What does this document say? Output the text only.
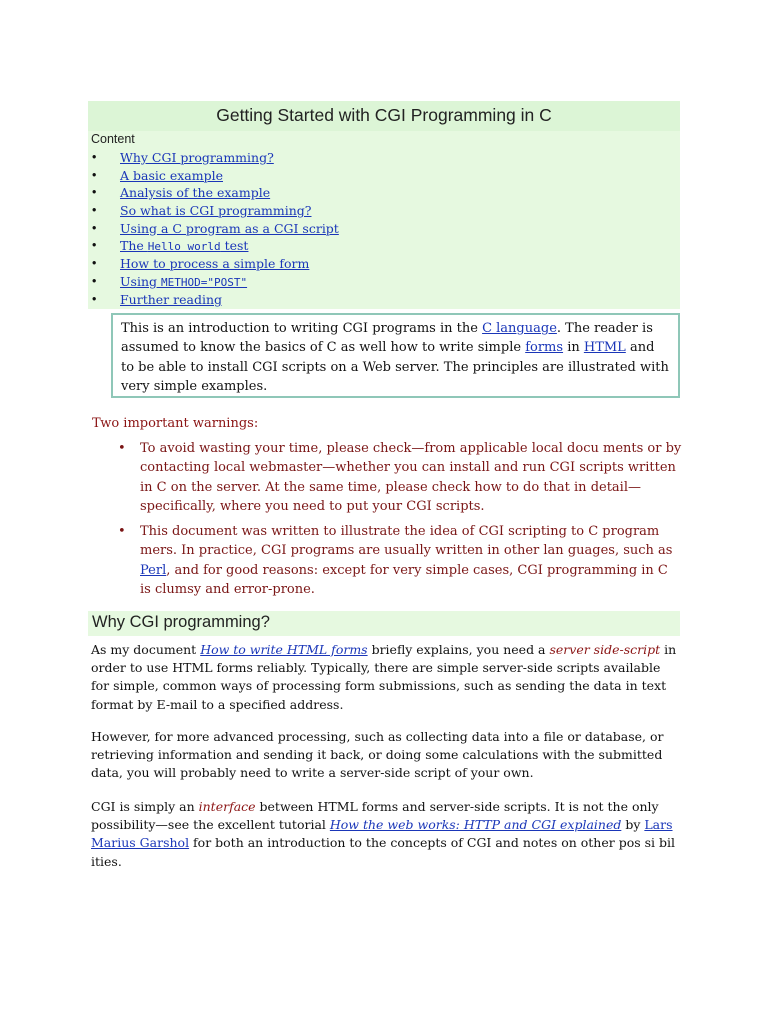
Getting Started with CGI Programming in C
Content
• Why CGI programming?
• A basic example
• Analysis of the example
• So what is CGI programming?
• Using a C program as a CGI script
• The Hello world test
• How to process a simple form
• Using METHOD="POST"
• Further reading
This is an introduction to writing CGI programs in the C language. The reader is assumed to know the basics of C as well how to write simple forms in HTML and to be able to install CGI scripts on a Web server. The principles are illustrated with very simple examples.
Two important warnings:
• To avoid wasting your time, please check—from applicable local docu ments or by contacting local webmaster—whether you can install and run CGI scripts written in C on the server. At the same time, please check how to do that in detail—specifically, where you need to put your CGI scripts.
• This document was written to illustrate the idea of CGI scripting to C program mers. In practice, CGI programs are usually written in other lan guages, such as Perl, and for good reasons: except for very simple cases, CGI programming in C is clumsy and error-prone.
Why CGI programming?
As my document How to write HTML forms briefly explains, you need a server side-script in order to use HTML forms reliably. Typically, there are simple server-side scripts available for simple, common ways of processing form submissions, such as sending the data in text format by E-mail to a specified address.
However, for more advanced processing, such as collecting data into a file or database, or retrieving information and sending it back, or doing some calculations with the submitted data, you will probably need to write a server-side script of your own.
CGI is simply an interface between HTML forms and server-side scripts. It is not the only possibility—see the excellent tutorial How the web works: HTTP and CGI explained by Lars Marius Garshol for both an introduction to the concepts of CGI and notes on other pos si bil ities.
